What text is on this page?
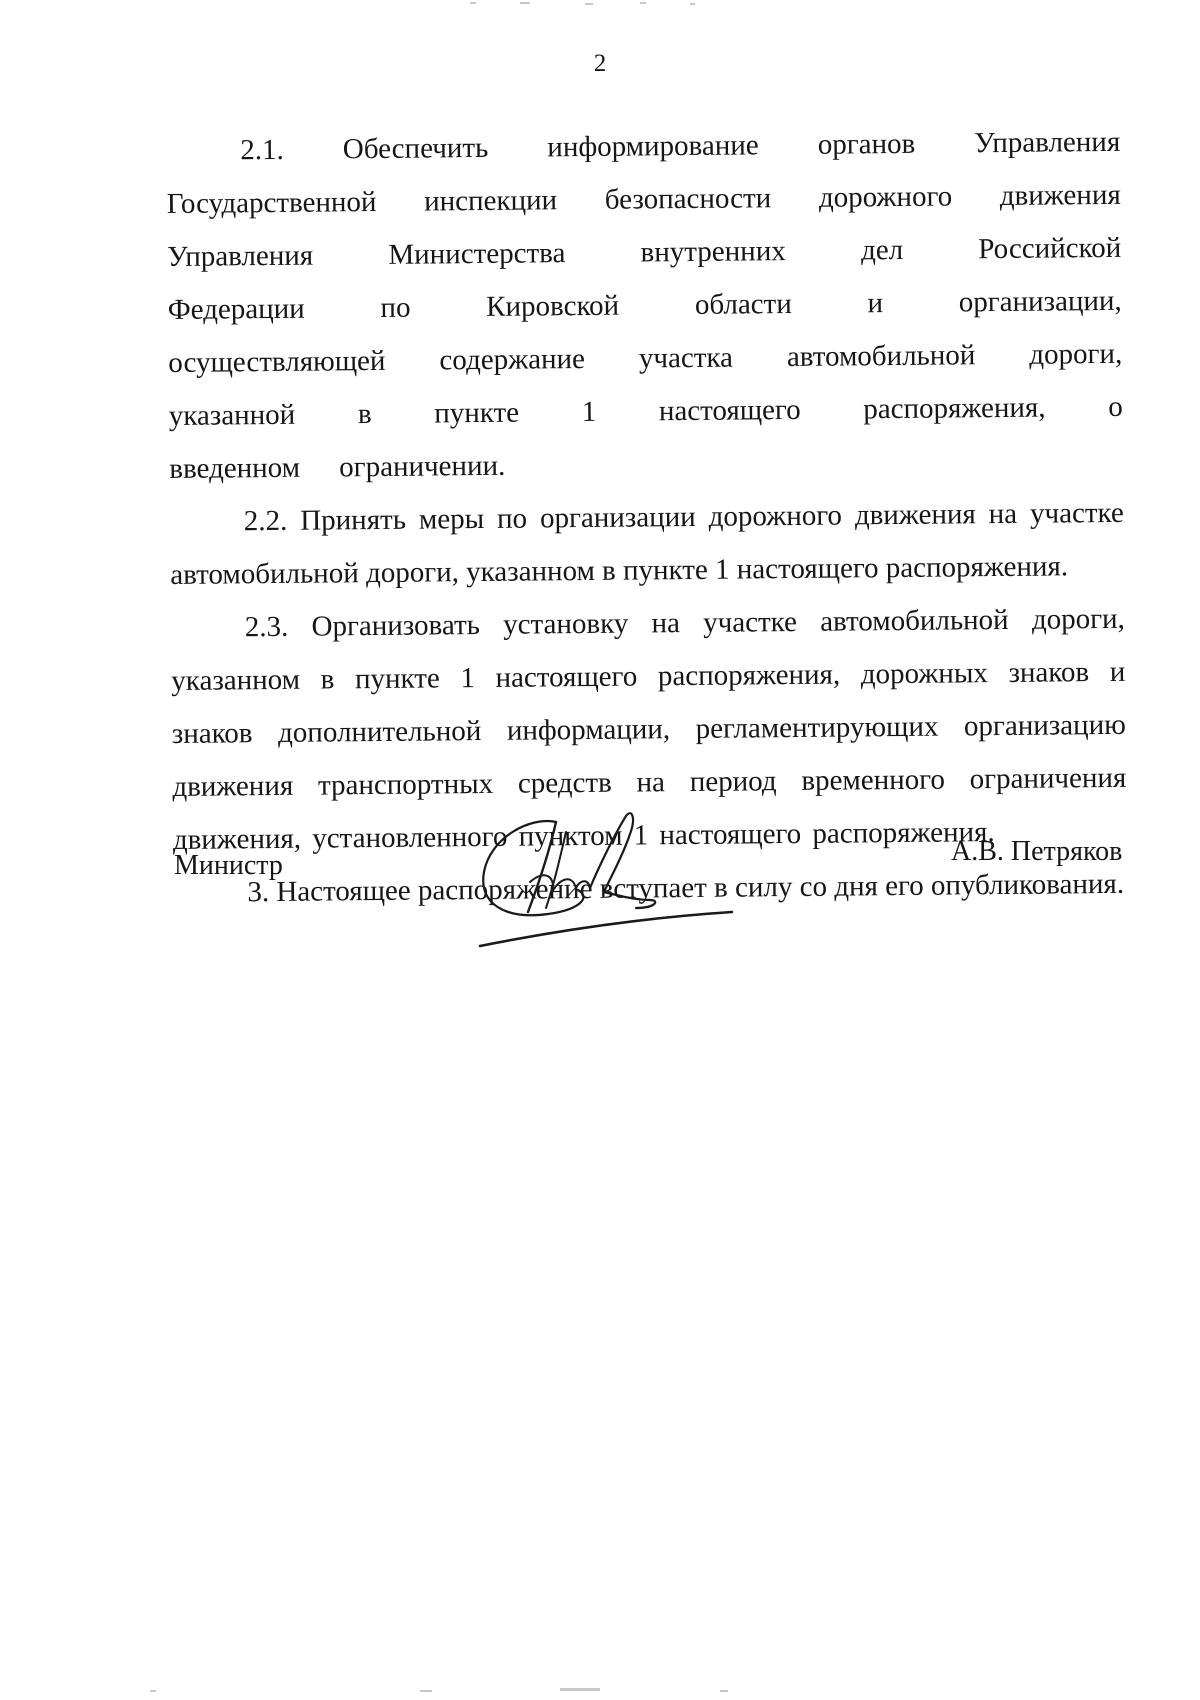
2

2.1. Обеспечить информирование органов Управления Государственной инспекции безопасности дорожного движения Управления Министерства внутренних дел Российской Федерации по Кировской области и организации, осуществляющей содержание участка автомобильной дороги, указанной в пункте 1 настоящего распоряжения, о введенном ограничении.

2.2. Принять меры по организации дорожного движения на участке автомобильной дороги, указанном в пункте 1 настоящего распоряжения.

2.3. Организовать установку на участке автомобильной дороги, указанном в пункте 1 настоящего распоряжения, дорожных знаков и знаков дополнительной информации, регламентирующих организацию движения транспортных средств на период временного ограничения движения, установленного пунктом 1 настоящего распоряжения.

3. Настоящее распоряжение вступает в силу со дня его опубликования.

Министр	А.В. Петряков
